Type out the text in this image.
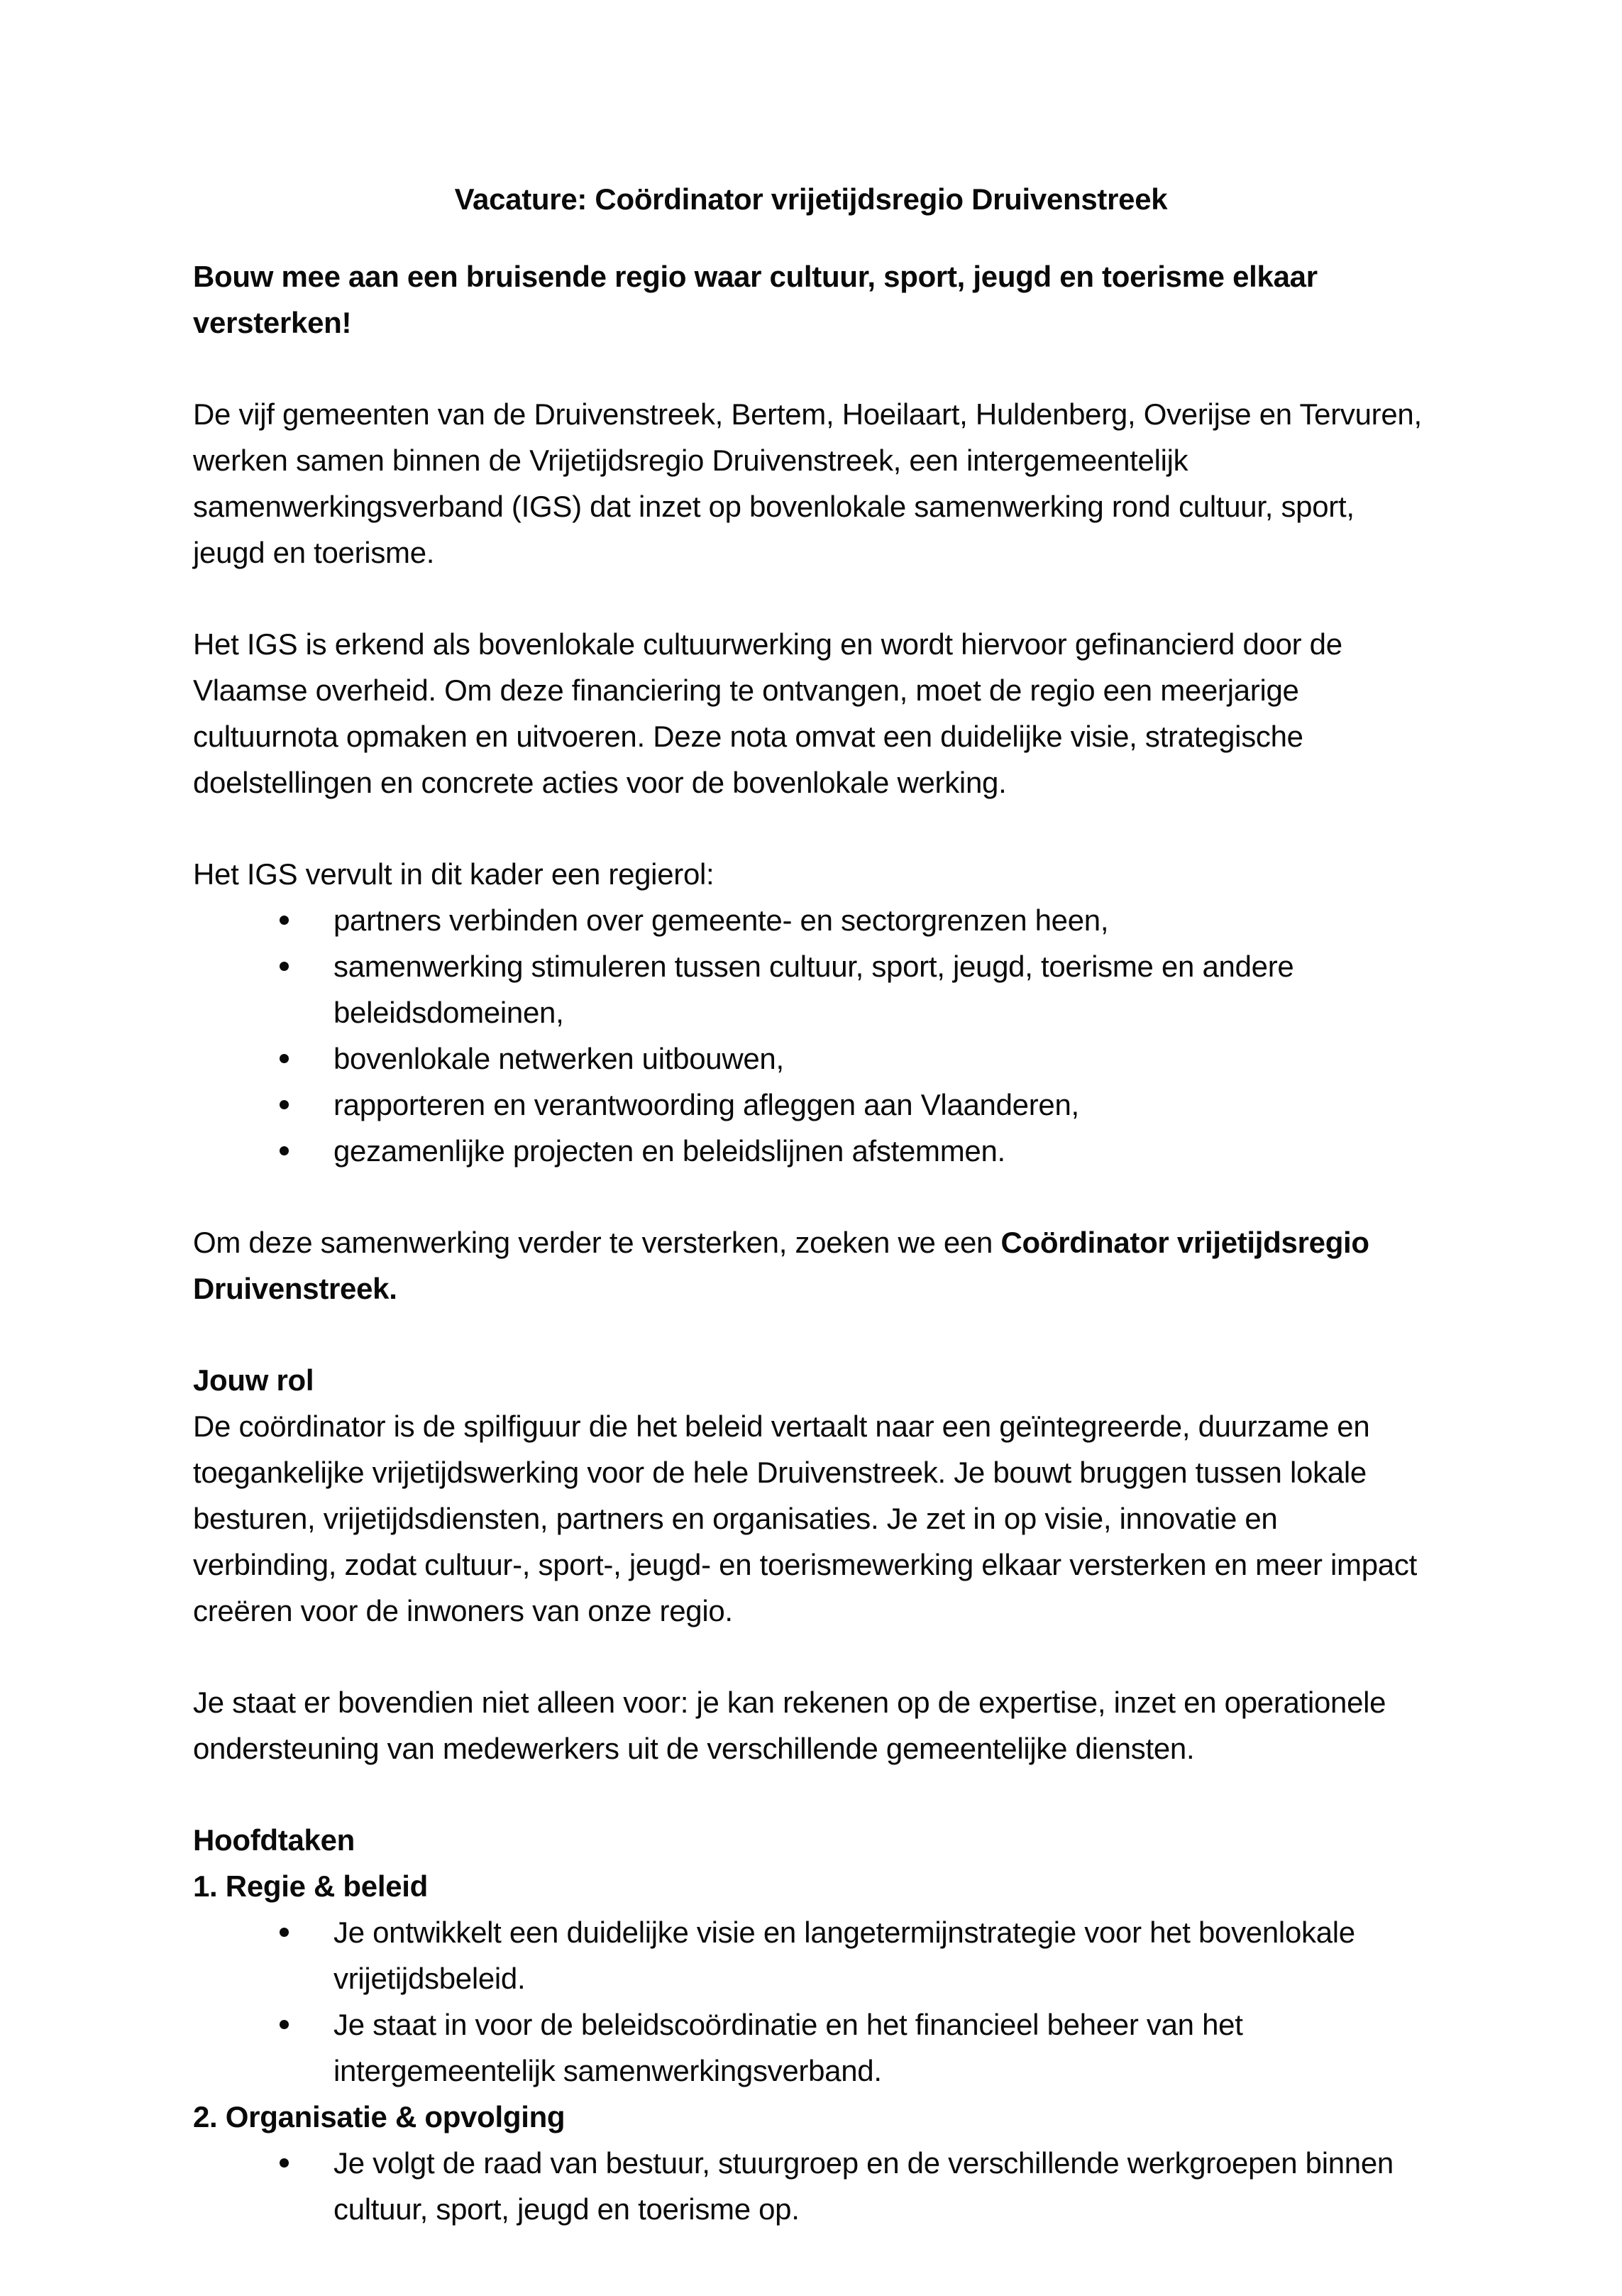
Vacature: Coördinator vrijetijdsregio Druivenstreek

Bouw mee aan een bruisende regio waar cultuur, sport, jeugd en toerisme elkaar versterken!

De vijf gemeenten van de Druivenstreek, Bertem, Hoeilaart, Huldenberg, Overijse en Tervuren, werken samen binnen de Vrijetijdsregio Druivenstreek, een intergemeentelijk samenwerkingsverband (IGS) dat inzet op bovenlokale samenwerking rond cultuur, sport, jeugd en toerisme.

Het IGS is erkend als bovenlokale cultuurwerking en wordt hiervoor gefinancierd door de Vlaamse overheid. Om deze financiering te ontvangen, moet de regio een meerjarige cultuurnota opmaken en uitvoeren. Deze nota omvat een duidelijke visie, strategische doelstellingen en concrete acties voor de bovenlokale werking.

Het IGS vervult in dit kader een regierol:

partners verbinden over gemeente- en sectorgrenzen heen,
samenwerking stimuleren tussen cultuur, sport, jeugd, toerisme en andere beleidsdomeinen,
bovenlokale netwerken uitbouwen,
rapporteren en verantwoording afleggen aan Vlaanderen,
gezamenlijke projecten en beleidslijnen afstemmen.

Om deze samenwerking verder te versterken, zoeken we een Coördinator vrijetijdsregio Druivenstreek.

Jouw rol

De coördinator is de spilfiguur die het beleid vertaalt naar een geïntegreerde, duurzame en toegankelijke vrijetijdswerking voor de hele Druivenstreek. Je bouwt bruggen tussen lokale besturen, vrijetijdsdiensten, partners en organisaties. Je zet in op visie, innovatie en verbinding, zodat cultuur-, sport-, jeugd- en toerismewerking elkaar versterken en meer impact creëren voor de inwoners van onze regio.

Je staat er bovendien niet alleen voor: je kan rekenen op de expertise, inzet en operationele ondersteuning van medewerkers uit de verschillende gemeentelijke diensten.

Hoofdtaken
1. Regie & beleid
Je ontwikkelt een duidelijke visie en langetermijnstrategie voor het bovenlokale vrijetijdsbeleid.
Je staat in voor de beleidscoördinatie en het financieel beheer van het intergemeentelijk samenwerkingsverband.
2. Organisatie & opvolging
Je volgt de raad van bestuur, stuurgroep en de verschillende werkgroepen binnen cultuur, sport, jeugd en toerisme op.
